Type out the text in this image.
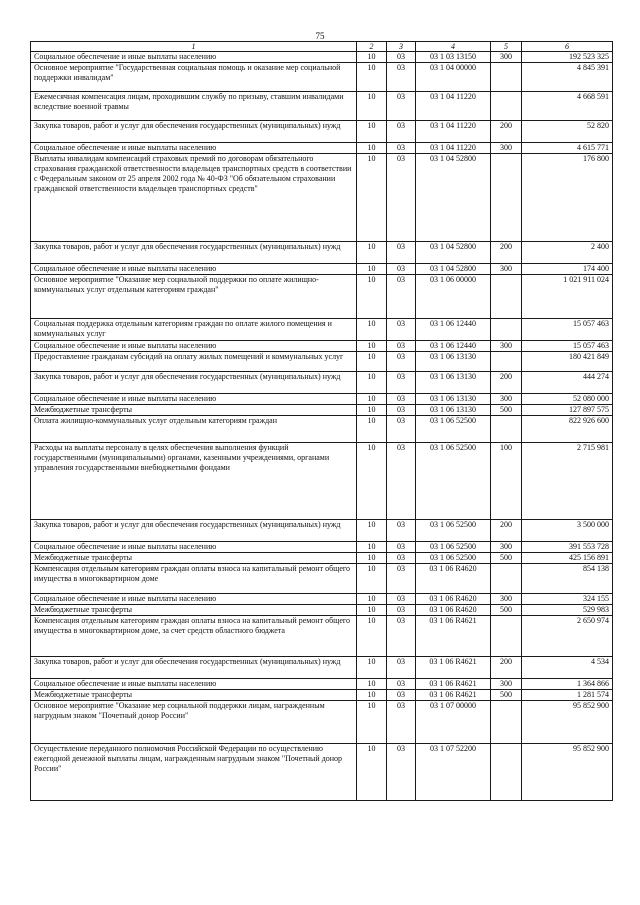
75
1	2	3	4	5	6
Социальное обеспечение и иные выплаты населению	10	03	03 1 03 13150	300	192 523 325
Основное мероприятие "Государственная социальная помощь и оказание мер социальной поддержки инвалидам"	10	03	03 1 04 00000		4 845 391
Ежемесячная компенсация лицам, проходившим службу по призыву, ставшим инвалидами вследствие военной травмы	10	03	03 1 04 11220		4 668 591
Закупка товаров, работ и услуг для обеспечения государственных (муниципальных) нужд	10	03	03 1 04 11220	200	52 820
Социальное обеспечение и иные выплаты населению	10	03	03 1 04 11220	300	4 615 771
Выплаты инвалидам компенсаций страховых премий по договорам обязательного страхования гражданской ответственности владельцев транспортных средств в соответствии с Федеральным законом от 25 апреля 2002 года № 40-ФЗ "Об обязательном страховании гражданской ответственности владельцев транспортных средств"	10	03	03 1 04 52800		176 800
Закупка товаров, работ и услуг для обеспечения государственных (муниципальных) нужд	10	03	03 1 04 52800	200	2 400
Социальное обеспечение и иные выплаты населению	10	03	03 1 04 52800	300	174 400
Основное мероприятие "Оказание мер социальной поддержки по оплате жилищно-коммунальных услуг отдельным категориям граждан"	10	03	03 1 06 00000		1 021 911 024
Социальная поддержка отдельным категориям граждан по оплате жилого помещения и коммунальных услуг	10	03	03 1 06 12440		15 057 463
Социальное обеспечение и иные выплаты населению	10	03	03 1 06 12440	300	15 057 463
Предоставление гражданам субсидий на оплату жилых помещений и коммунальных услуг	10	03	03 1 06 13130		180 421 849
Закупка товаров, работ и услуг для обеспечения государственных (муниципальных) нужд	10	03	03 1 06 13130	200	444 274
Социальное обеспечение и иные выплаты населению	10	03	03 1 06 13130	300	52 080 000
Межбюджетные трансферты	10	03	03 1 06 13130	500	127 897 575
Оплата жилищно-коммунальных услуг отдельным категориям граждан	10	03	03 1 06 52500		822 926 600
Расходы на выплаты персоналу в целях обеспечения выполнения функций государственными (муниципальными) органами, казенными учреждениями, органами управления государственными внебюджетными фондами	10	03	03 1 06 52500	100	2 715 981
Закупка товаров, работ и услуг для обеспечения государственных (муниципальных) нужд	10	03	03 1 06 52500	200	3 500 000
Социальное обеспечение и иные выплаты населению	10	03	03 1 06 52500	300	391 553 728
Межбюджетные трансферты	10	03	03 1 06 52500	500	425 156 891
Компенсация отдельным категориям граждан оплаты взноса на капитальный ремонт общего имущества в многоквартирном доме	10	03	03 1 06 R4620		854 138
Социальное обеспечение и иные выплаты населению	10	03	03 1 06 R4620	300	324 155
Межбюджетные трансферты	10	03	03 1 06 R4620	500	529 983
Компенсация отдельным категориям граждан оплаты взноса на капитальный ремонт общего имущества в многоквартирном доме, за счет средств областного бюджета	10	03	03 1 06 R4621		2 650 974
Закупка товаров, работ и услуг для обеспечения государственных (муниципальных) нужд	10	03	03 1 06 R4621	200	4 534
Социальное обеспечение и иные выплаты населению	10	03	03 1 06 R4621	300	1 364 866
Межбюджетные трансферты	10	03	03 1 06 R4621	500	1 281 574
Основное мероприятие "Оказание мер социальной поддержки лицам, награжденным нагрудным знаком "Почетный донор России"	10	03	03 1 07 00000		95 852 900
Осуществление переданного полномочия Российской Федерации по осуществлению ежегодной денежной выплаты лицам, награжденным нагрудным знаком "Почетный донор России"	10	03	03 1 07 52200		95 852 900
